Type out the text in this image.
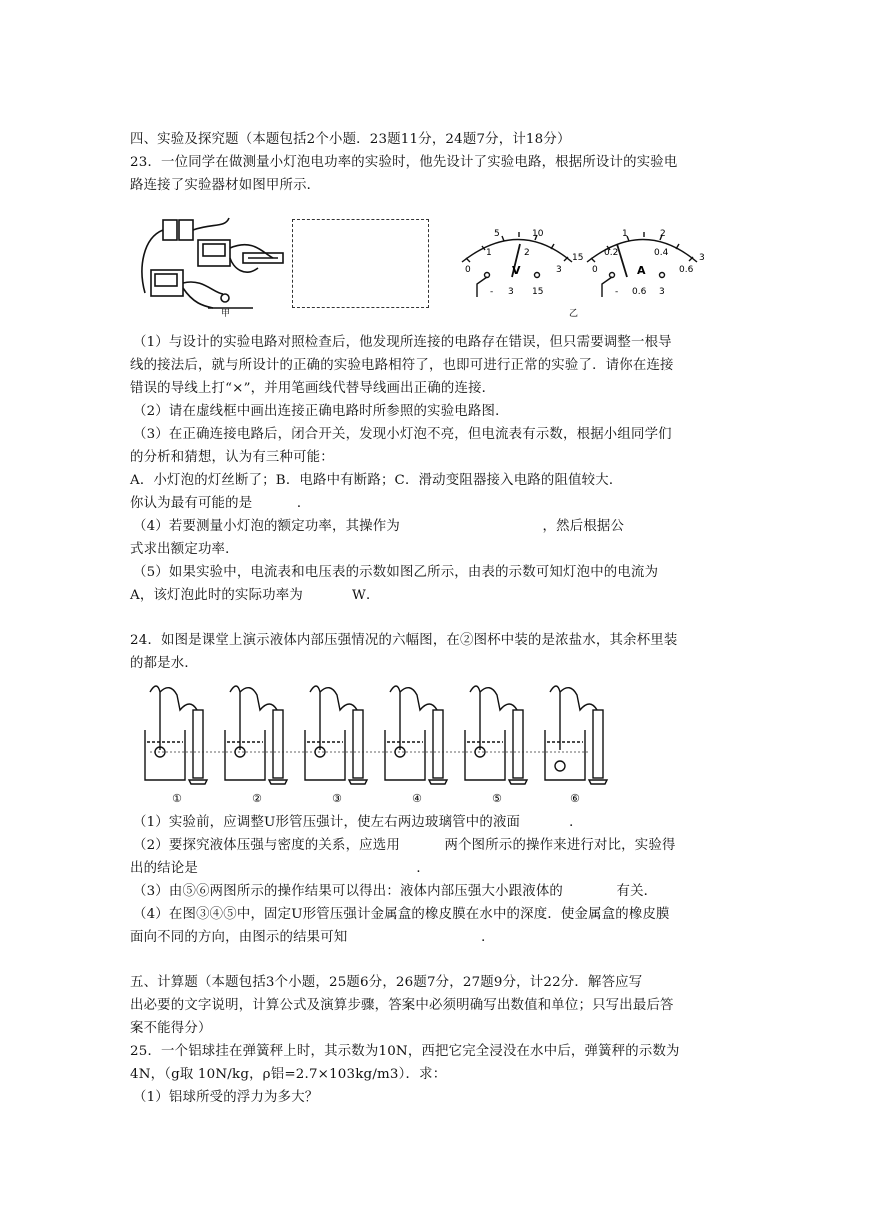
四、实验及探究题（本题包括2个小题．23题11分，24题7分，计18分）
23．一位同学在做测量小灯泡电功率的实验时，他先设计了实验电路，根据所设计的实验电
路连接了实验器材如图甲所示．
甲
5	10
0
1	2
3
15
V
- 3 15
1	2
0
0.2	0.4
0.6
3
A
- 0.6 3
乙
（1）与设计的实验电路对照检查后，他发现所连接的电路存在错误，但只需要调整一根导
线的接法后，就与所设计的正确的实验电路相符了，也即可进行正常的实验了．请你在连接
错误的导线上打“×”，并用笔画线代替导线画出正确的连接．
（2）请在虚线框中画出连接正确电路时所参照的实验电路图．
（3）在正确连接电路后，闭合开关，发现小灯泡不亮，但电流表有示数，根据小组同学们
的分析和猜想，认为有三种可能：
A．小灯泡的灯丝断了；B．电路中有断路；C．滑动变阻器接入电路的阻值较大．
你认为最有可能的是          ．
（4）若要测量小灯泡的额定功率，其操作为                                ，然后根据公
式求出额定功率．
（5）如果实验中，电流表和电压表的示数如图乙所示，由表的示数可知灯泡中的电流为
A，该灯泡此时的实际功率为           W．
24．如图是课堂上演示液体内部压强情况的六幅图，在②图杯中装的是浓盐水，其余杯里装
的都是水．
①	②	③	④	⑤	⑥
（1）实验前，应调整U形管压强计，使左右两边玻璃管中的液面           ．
（2）要探究液体压强与密度的关系，应选用          两个图所示的操作来进行对比，实验得
出的结论是                                                 ．
（3）由⑤⑥两图所示的操作结果可以得出：液体内部压强大小跟液体的            有关．
（4）在图③④⑤中，固定U形管压强计金属盒的橡皮膜在水中的深度．使金属盒的橡皮膜
面向不同的方向，由图示的结果可知                              ．
五、计算题（本题包括3个小题，25题6分，26题7分，27题9分，计22分．解答应写
出必要的文字说明，计算公式及演算步骤，答案中必须明确写出数值和单位；只写出最后答
案不能得分）
25．一个铝球挂在弹簧秤上时，其示数为10N，西把它完全浸没在水中后，弹簧秤的示数为
4N，（g取 10N/kg，ρ铝=2.7×103kg/m3）．求：
（1）铝球所受的浮力为多大？
